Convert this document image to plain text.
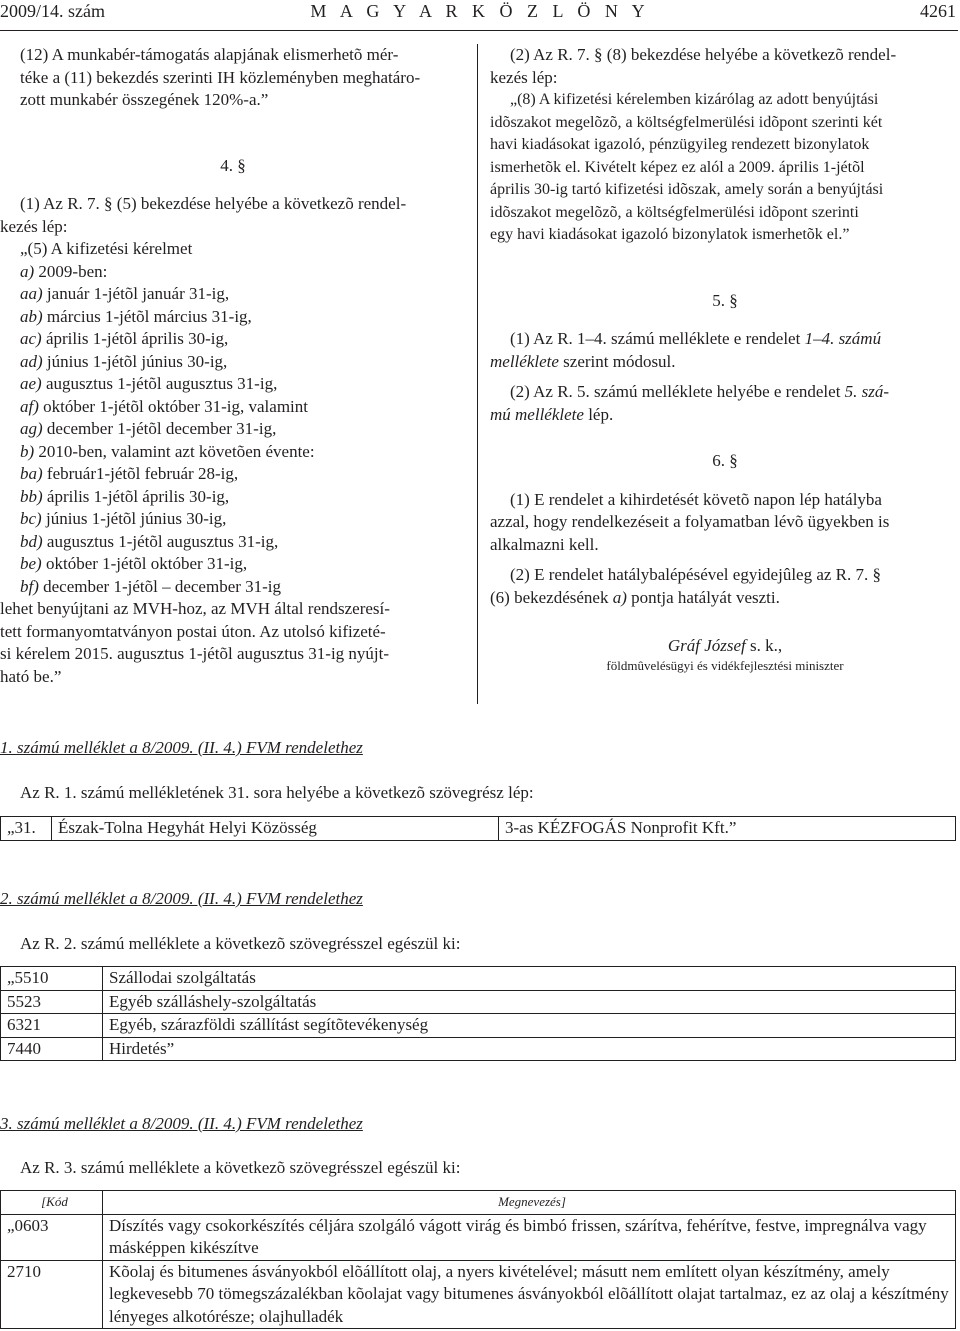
2009/14. szám	M A G Y A R K Ö Z L Ö N Y	4261

(12) A munkabér-támogatás alapjának elismerhetõ mér-

téke a (11) bekezdés szerinti IH közleményben meghatáro-

zott munkabér összegének 120%-a.”

4. §

(1) Az R. 7. § (5) bekezdése helyébe a következõ rendel-

kezés lép:

„(5) A kifizetési kérelmet

a) 2009-ben:

aa) január 1-jétõl január 31-ig,

ab) március 1-jétõl március 31-ig,

ac) április 1-jétõl április 30-ig,

ad) június 1-jétõl június 30-ig,

ae) augusztus 1-jétõl augusztus 31-ig,

af) október 1-jétõl október 31-ig, valamint

ag) december 1-jétõl december 31-ig,

b) 2010-ben, valamint azt követõen évente:

ba) február1-jétõl február 28-ig,

bb) április 1-jétõl április 30-ig,

bc) június 1-jétõl június 30-ig,

bd) augusztus 1-jétõl augusztus 31-ig,

be) október 1-jétõl október 31-ig,

bf) december 1-jétõl – december 31-ig

lehet benyújtani az MVH-hoz, az MVH által rendszeresí-

tett formanyomtatványon postai úton. Az utolsó kifizeté-

si kérelem 2015. augusztus 1-jétõl augusztus 31-ig nyújt-

ható be.”

(2) Az R. 7. § (8) bekezdése helyébe a következõ rendel-

kezés lép:

„(8) A kifizetési kérelemben kizárólag az adott benyújtási

idõszakot megelõzõ, a költségfelmerülési idõpont szerinti két

havi kiadásokat igazoló, pénzügyileg rendezett bizonylatok

ismerhetõk el. Kivételt képez ez alól a 2009. április 1-jétõl

április 30-ig tartó kifizetési idõszak, amely során a benyújtási

idõszakot megelõzõ, a költségfelmerülési idõpont szerinti

egy havi kiadásokat igazoló bizonylatok ismerhetõk el.”

5. §

(1) Az R. 1–4. számú melléklete e rendelet 1–4. számú

melléklete szerint módosul.

(2) Az R. 5. számú melléklete helyébe e rendelet 5. szá-

mú melléklete lép.

6. §

(1) E rendelet a kihirdetését követõ napon lép hatályba

azzal, hogy rendelkezéseit a folyamatban lévõ ügyekben is

alkalmazni kell.

(2) E rendelet hatálybalépésével egyidejûleg az R. 7. §

(6) bekezdésének a) pontja hatályát veszti.

Gráf József s. k.,

földmûvelésügyi és vidékfejlesztési miniszter

1. számú melléklet a 8/2009. (II. 4.) FVM rendelethez
Az R. 1. számú mellékletének 31. sora helyébe a következõ szövegrész lép:
„31.	Észak-Tolna Hegyhát Helyi Közösség	3-as KÉZFOGÁS Nonprofit Kft.”
2. számú melléklet a 8/2009. (II. 4.) FVM rendelethez
Az R. 2. számú melléklete a következõ szövegrésszel egészül ki:
„5510	Szállodai szolgáltatás
5523	Egyéb szálláshely-szolgáltatás
6321	Egyéb, szárazföldi szállítást segítõtevékenység
7440	Hirdetés”
3. számú melléklet a 8/2009. (II. 4.) FVM rendelethez
Az R. 3. számú melléklete a következõ szövegrésszel egészül ki:
[Kód	Megnevezés]
„0603	Díszítés vagy csokorkészítés céljára szolgáló vágott virág és bimbó frissen, szárítva, fehérítve, festve, impregnálva vagy másképpen kikészítve
2710	Kõolaj és bitumenes ásványokból elõállított olaj, a nyers kivételével; másutt nem említett olyan készítmény, amely legkevesebb 70 tömegszázalékban kõolajat vagy bitumenes ásványokból elõállított olajat tartalmaz, ez az olaj a készítmény lényeges alkotórésze; olajhulladék
